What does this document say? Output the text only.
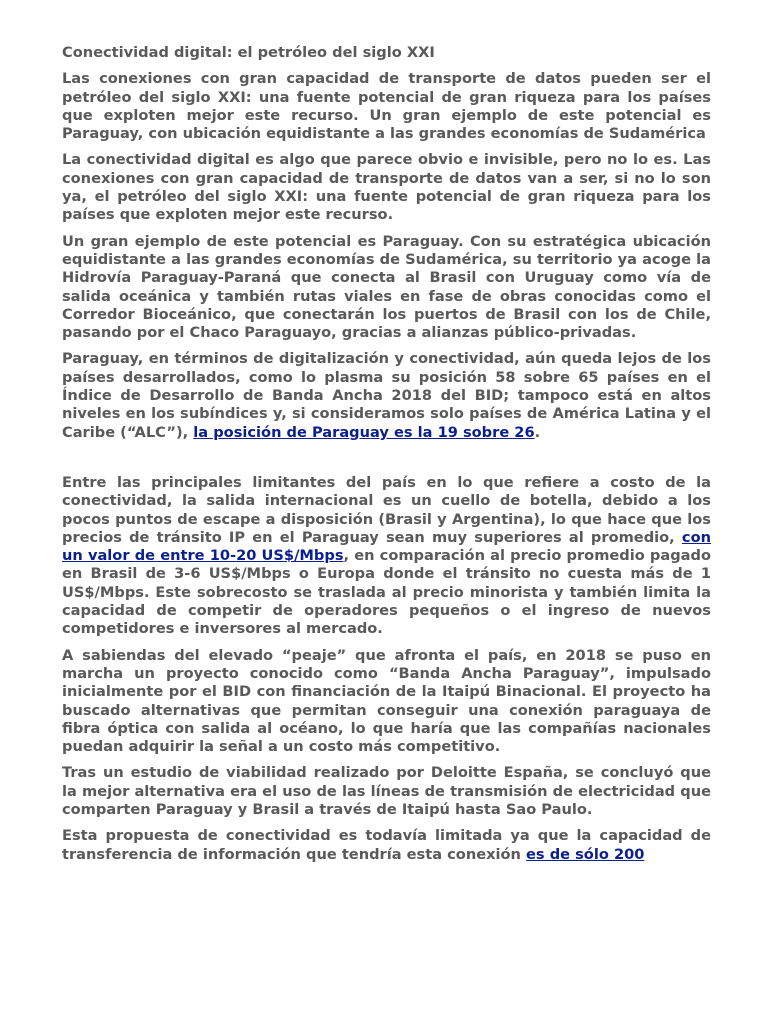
Conectividad digital: el petróleo del siglo XXI

Las conexiones con gran capacidad de transporte de datos pueden ser el petróleo del siglo XXI: una fuente potencial de gran riqueza para los países que exploten mejor este recurso. Un gran ejemplo de este potencial es Paraguay, con ubicación equidistante a las grandes economías de Sudamérica

La conectividad digital es algo que parece obvio e invisible, pero no lo es. Las conexiones con gran capacidad de transporte de datos van a ser, si no lo son ya, el petróleo del siglo XXI: una fuente potencial de gran riqueza para los países que exploten mejor este recurso.

Un gran ejemplo de este potencial es Paraguay. Con su estratégica ubicación equidistante a las grandes economías de Sudamérica, su territorio ya acoge la Hidrovía Paraguay-Paraná que conecta al Brasil con Uruguay como vía de salida oceánica y también rutas viales en fase de obras conocidas como el Corredor Bioceánico, que conectarán los puertos de Brasil con los de Chile, pasando por el Chaco Paraguayo, gracias a alianzas público-privadas.

Paraguay, en términos de digitalización y conectividad, aún queda lejos de los países desarrollados, como lo plasma su posición 58 sobre 65 países en el Índice de Desarrollo de Banda Ancha 2018 del BID; tampoco está en altos niveles en los subíndices y, si consideramos solo países de América Latina y el Caribe (“ALC”), la posición de Paraguay es la 19 sobre 26.

Entre las principales limitantes del país en lo que refiere a costo de la conectividad, la salida internacional es un cuello de botella, debido a los pocos puntos de escape a disposición (Brasil y Argentina), lo que hace que los precios de tránsito IP en el Paraguay sean muy superiores al promedio, con un valor de entre 10-20 US$/Mbps, en comparación al precio promedio pagado en Brasil de 3-6 US$/Mbps o Europa donde el tránsito no cuesta más de 1 US$/Mbps. Este sobrecosto se traslada al precio minorista y también limita la capacidad de competir de operadores pequeños o el ingreso de nuevos competidores e inversores al mercado.

A sabiendas del elevado “peaje” que afronta el país, en 2018 se puso en marcha un proyecto conocido como “Banda Ancha Paraguay”, impulsado inicialmente por el BID con financiación de la Itaipú Binacional. El proyecto ha buscado alternativas que permitan conseguir una conexión paraguaya de fibra óptica con salida al océano, lo que haría que las compañías nacionales puedan adquirir la señal a un costo más competitivo.

Tras un estudio de viabilidad realizado por Deloitte España, se concluyó que la mejor alternativa era el uso de las líneas de transmisión de electricidad que comparten Paraguay y Brasil a través de Itaipú hasta Sao Paulo.

Esta propuesta de conectividad es todavía limitada ya que la capacidad de transferencia de información que tendría esta conexión es de sólo 200
